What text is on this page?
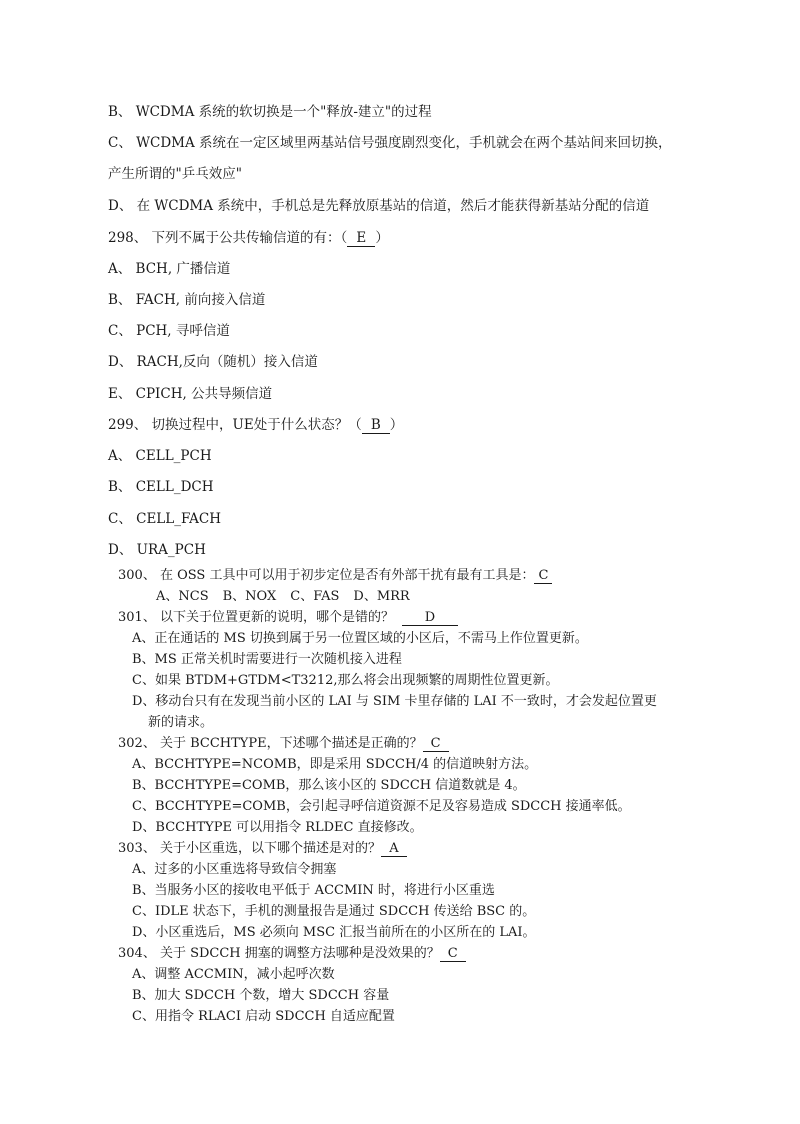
B、 WCDMA 系统的软切换是一个"释放-建立"的过程
C、 WCDMA 系统在一定区域里两基站信号强度剧烈变化，手机就会在两个基站间来回切换，
产生所谓的"乒乓效应"
D、 在 WCDMA 系统中，手机总是先释放原基站的信道，然后才能获得新基站分配的信道
298、 下列不属于公共传输信道的有：（ E ）
A、 BCH, 广播信道
B、 FACH, 前向接入信道
C、 PCH, 寻呼信道
D、 RACH,反向（随机）接入信道
E、 CPICH, 公共导频信道
299、 切换过程中，UE处于什么状态？（ B ）
A、 CELL_PCH
B、 CELL_DCH
C、 CELL_FACH
D、 URA_PCH
300、 在 OSS 工具中可以用于初步定位是否有外部干扰有最有工具是： C
A、NCS B、NOX C、FAS D、MRR
301、 以下关于位置更新的说明，哪个是错的？ D
A、正在通话的 MS 切换到属于另一位置区域的小区后，不需马上作位置更新。
B、MS 正常关机时需要进行一次随机接入进程
C、如果 BTDM+GTDM<T3212,那么将会出现频繁的周期性位置更新。
D、移动台只有在发现当前小区的 LAI 与 SIM 卡里存储的 LAI 不一致时，才会发起位置更
新的请求。
302、 关于 BCCHTYPE，下述哪个描述是正确的？ C
A、BCCHTYPE=NCOMB，即是采用 SDCCH/4 的信道映射方法。
B、BCCHTYPE=COMB，那么该小区的 SDCCH 信道数就是 4。
C、BCCHTYPE=COMB，会引起寻呼信道资源不足及容易造成 SDCCH 接通率低。
D、BCCHTYPE 可以用指令 RLDEC 直接修改。
303、 关于小区重选，以下哪个描述是对的？ A
A、过多的小区重选将导致信令拥塞
B、当服务小区的接收电平低于 ACCMIN 时，将进行小区重选
C、IDLE 状态下，手机的测量报告是通过 SDCCH 传送给 BSC 的。
D、小区重选后，MS 必须向 MSC 汇报当前所在的小区所在的 LAI。
304、 关于 SDCCH 拥塞的调整方法哪种是没效果的？ C
A、调整 ACCMIN，减小起呼次数
B、加大 SDCCH 个数，增大 SDCCH 容量
C、用指令 RLACI 启动 SDCCH 自适应配置
